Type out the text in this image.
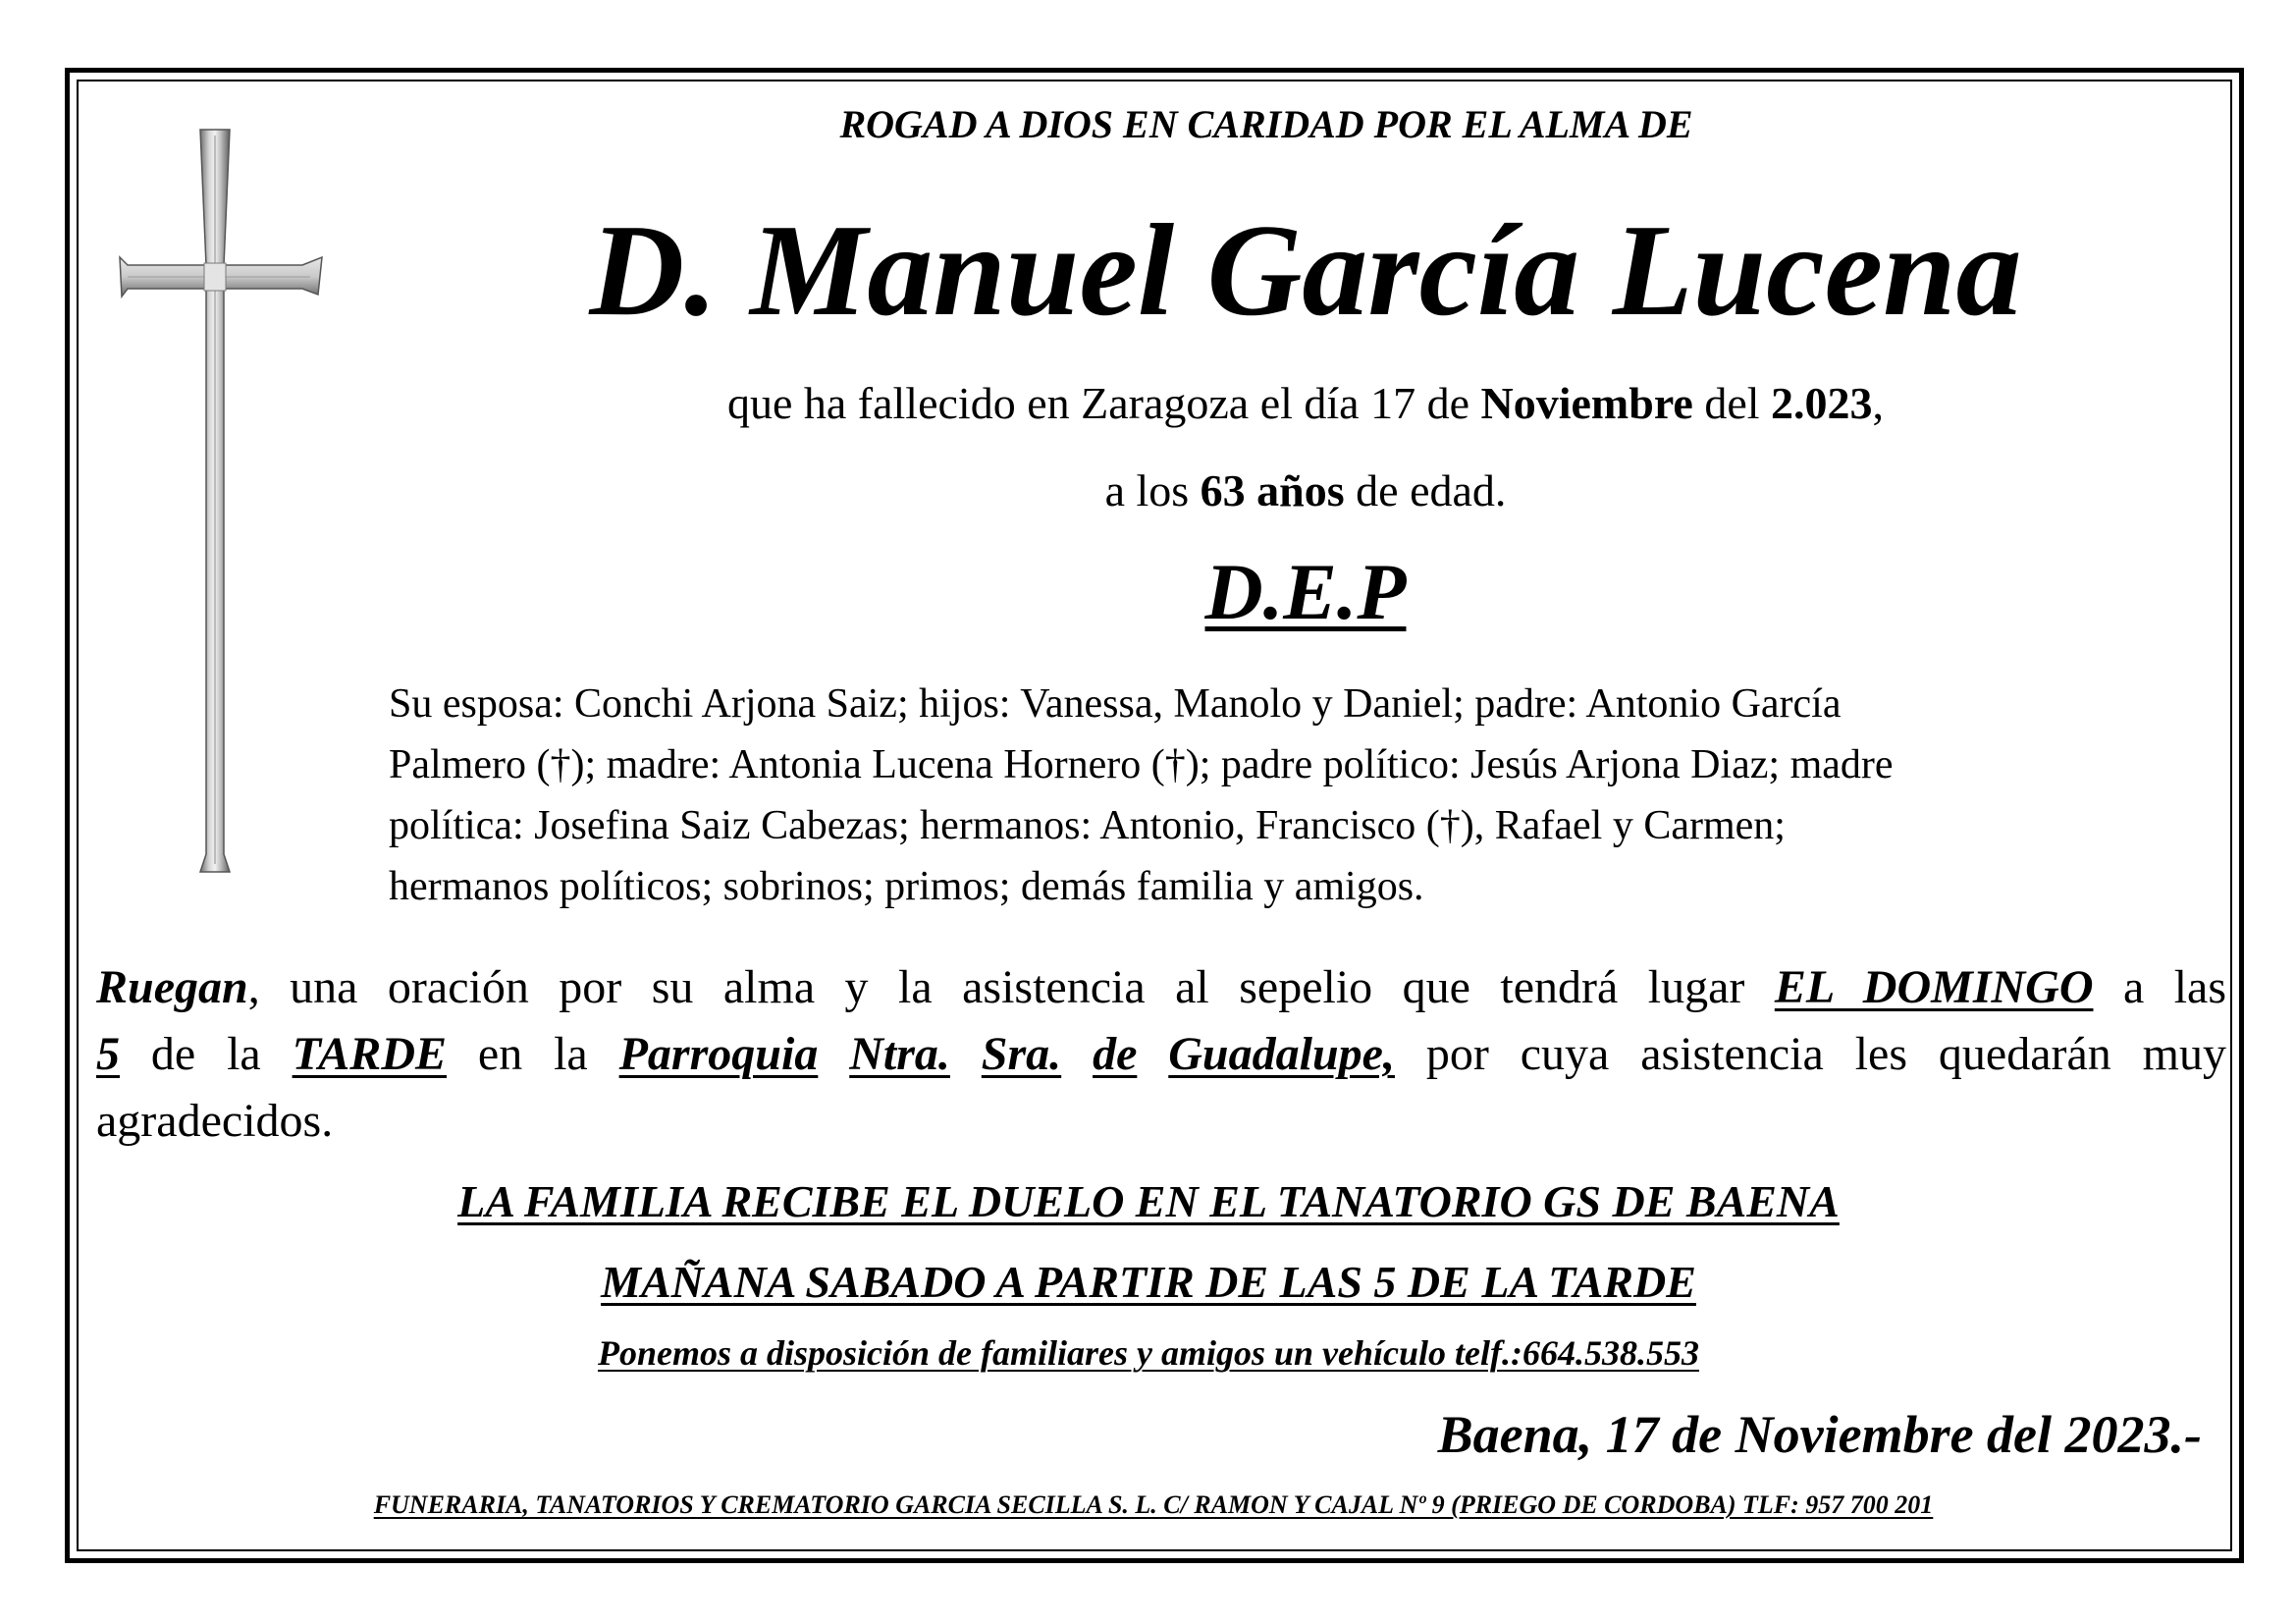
ROGAD A DIOS EN CARIDAD POR EL ALMA DE
D. Manuel García Lucena
que ha fallecido en Zaragoza el día 17 de Noviembre del 2.023,
a los 63 años de edad.
D.E.P
Su esposa: Conchi Arjona Saiz; hijos: Vanessa, Manolo y Daniel; padre: Antonio García
Palmero (†); madre: Antonia Lucena Hornero (†); padre político: Jesús Arjona Diaz; madre
política: Josefina Saiz Cabezas; hermanos: Antonio, Francisco (†), Rafael y Carmen;
hermanos políticos; sobrinos; primos; demás familia y amigos.
Ruegan, una oración por su alma y la asistencia al sepelio que tendrá lugar EL DOMINGO a las
5 de la TARDE en la Parroquia Ntra. Sra. de Guadalupe, por cuya asistencia les quedarán muy
agradecidos.
LA FAMILIA RECIBE EL DUELO EN EL TANATORIO GS DE BAENA
MAÑANA SABADO A PARTIR DE LAS 5 DE LA TARDE
Ponemos a disposición de familiares y amigos un vehículo telf.:664.538.553
Baena, 17 de Noviembre del 2023.-
FUNERARIA, TANATORIOS Y CREMATORIO GARCIA SECILLA S. L. C/ RAMON Y CAJAL Nº 9 (PRIEGO DE CORDOBA) TLF: 957 700 201
